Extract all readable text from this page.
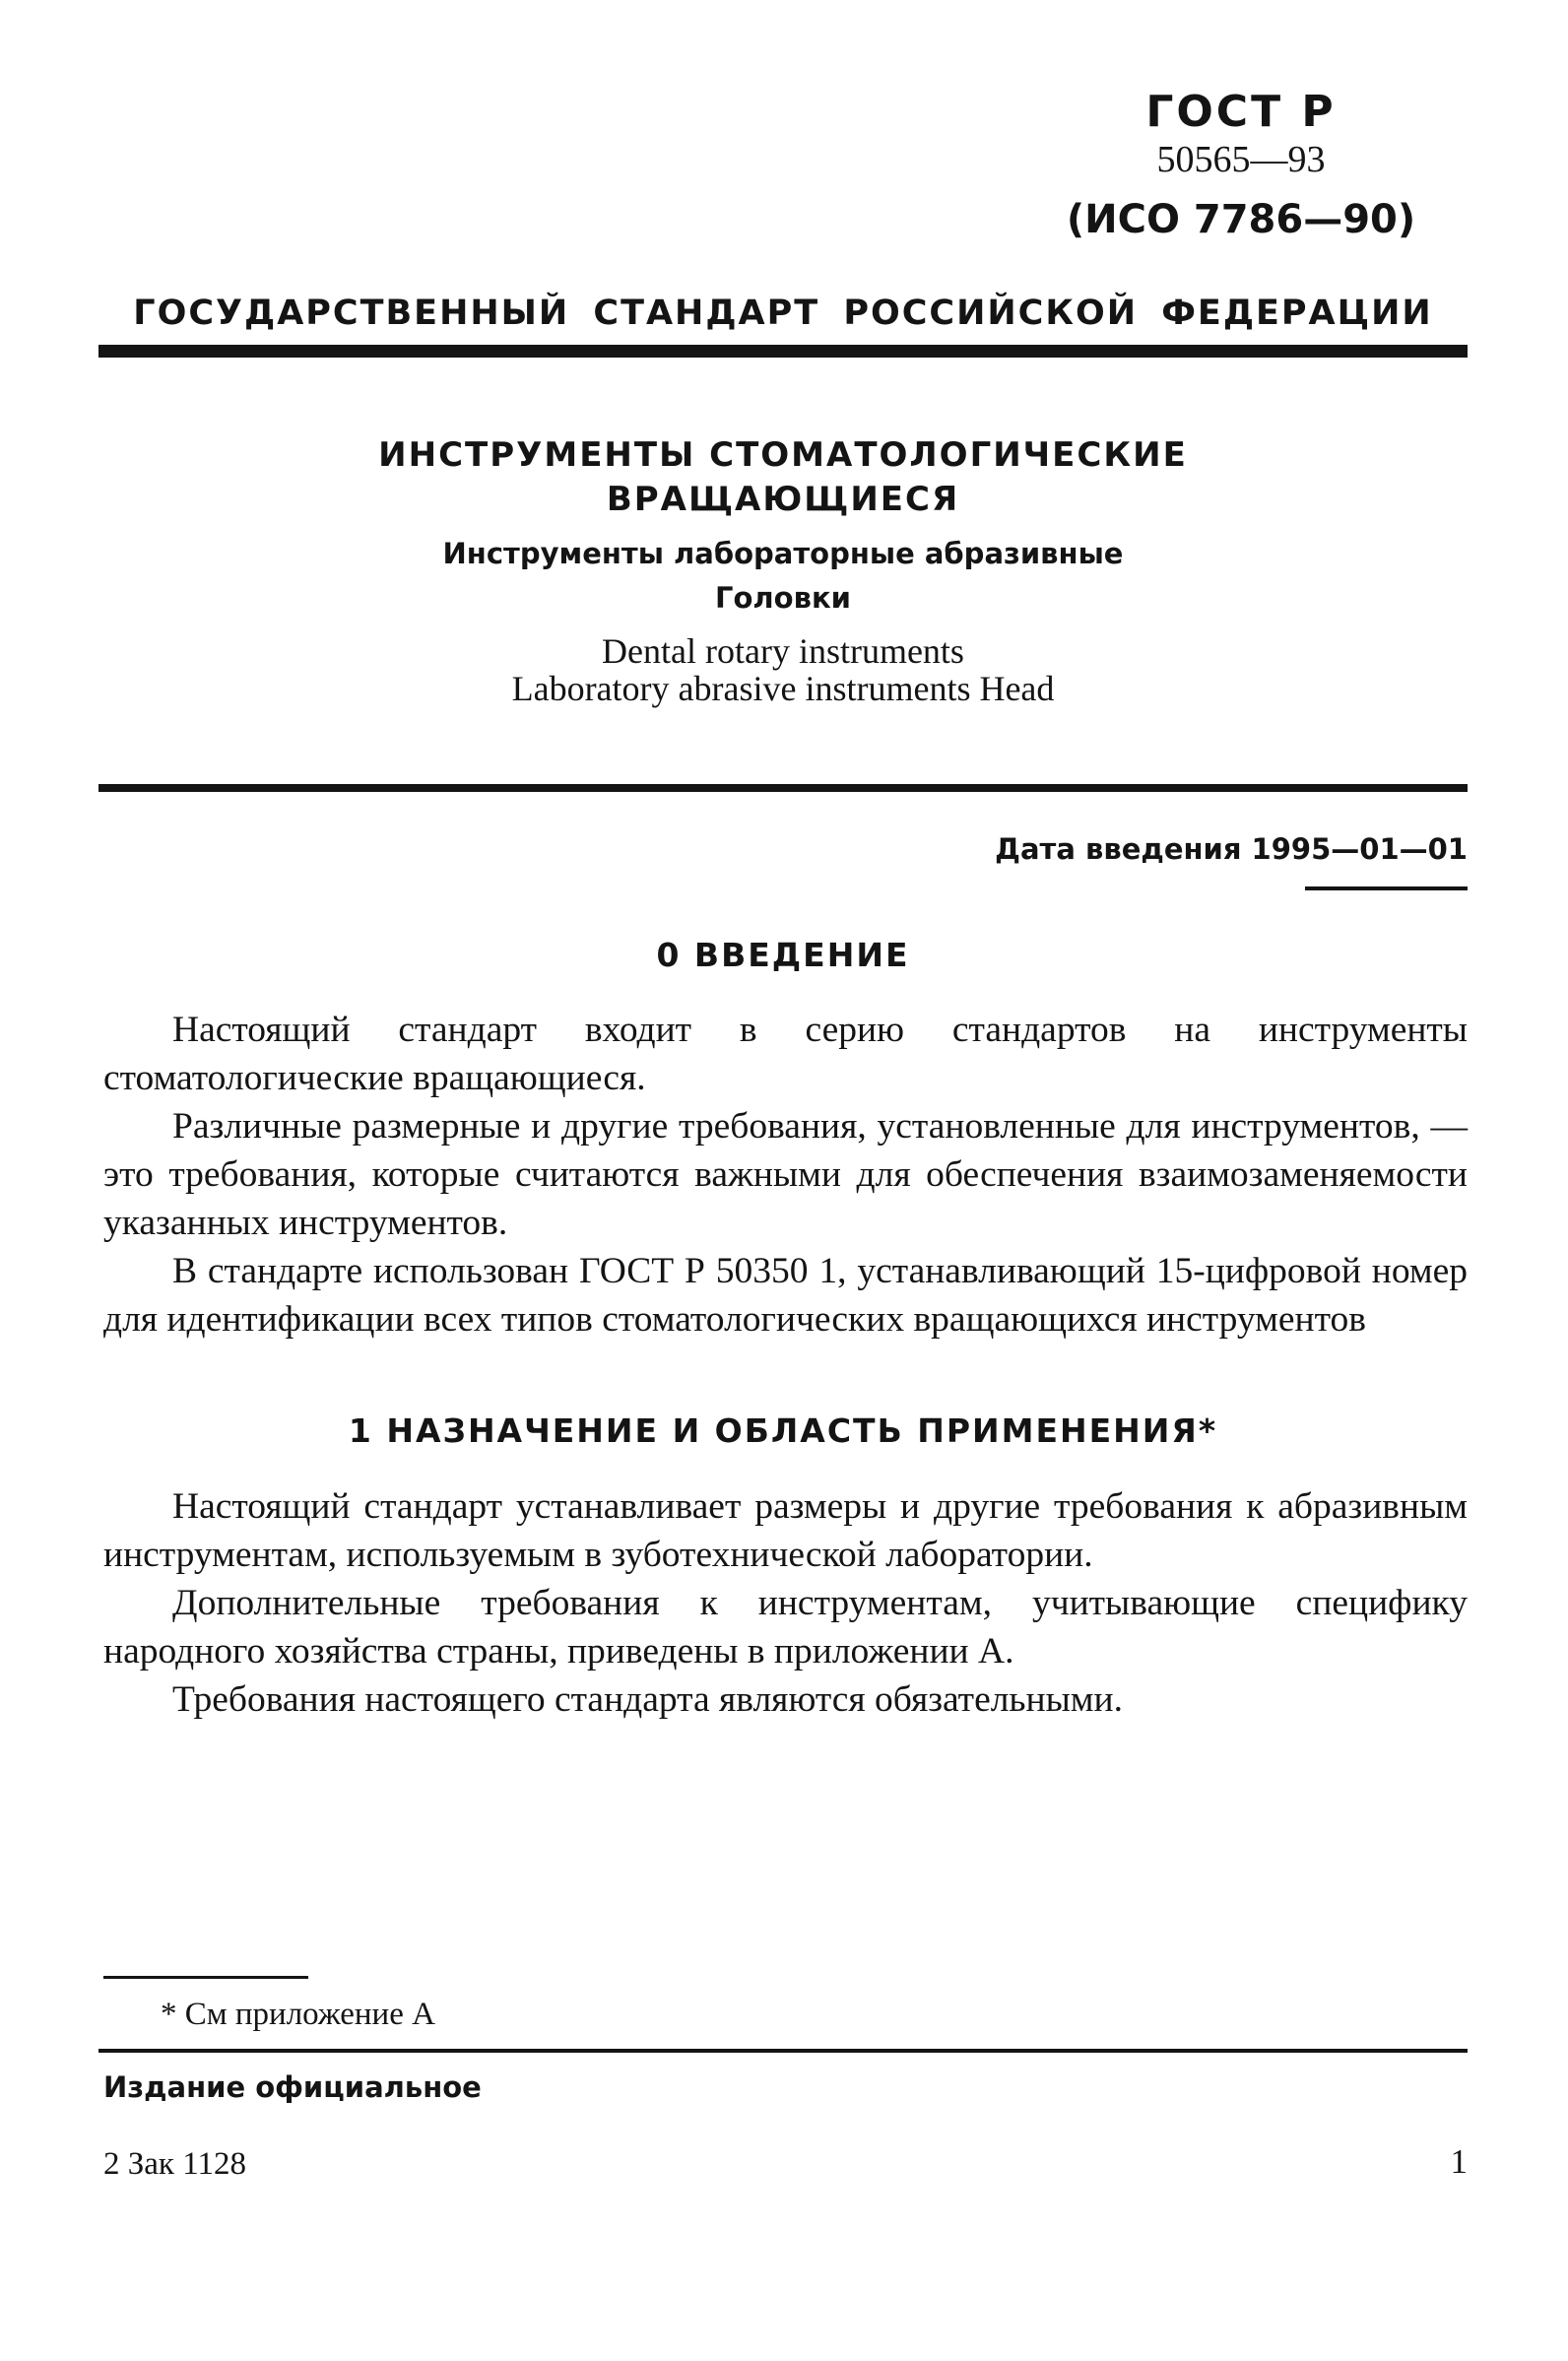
ГОСТ Р
50565—93
(ИСО 7786—90)
ГОСУДАРСТВЕННЫЙ СТАНДАРТ РОССИЙСКОЙ ФЕДЕРАЦИИ
ИНСТРУМЕНТЫ СТОМАТОЛОГИЧЕСКИЕ
ВРАЩАЮЩИЕСЯ
Инструменты лабораторные абразивные
Головки
Dental rotary instruments
Laboratory abrasive instruments Head
Дата введения 1995—01—01
0 ВВЕДЕНИЕ

Настоящий стандарт входит в серию стандартов на инструменты стоматологические вращающиеся.

Различные размерные и другие требования, установленные для инструментов, — это требования, которые считаются важными для обеспечения взаимозаменяемости указанных инструментов.

В стандарте использован ГОСТ Р 50350 1, устанавливающий 15-цифровой номер для идентификации всех типов стоматологических вращающихся инструментов

1 НАЗНАЧЕНИЕ И ОБЛАСТЬ ПРИМЕНЕНИЯ*

Настоящий стандарт устанавливает размеры и другие требования к абразивным инструментам, используемым в зуботехнической лаборатории.

Дополнительные требования к инструментам, учитывающие специфику народного хозяйства страны, приведены в приложении А.

Требования настоящего стандарта являются обязательными.

* См приложение А
Издание официальное
2 Зак 1128	1
